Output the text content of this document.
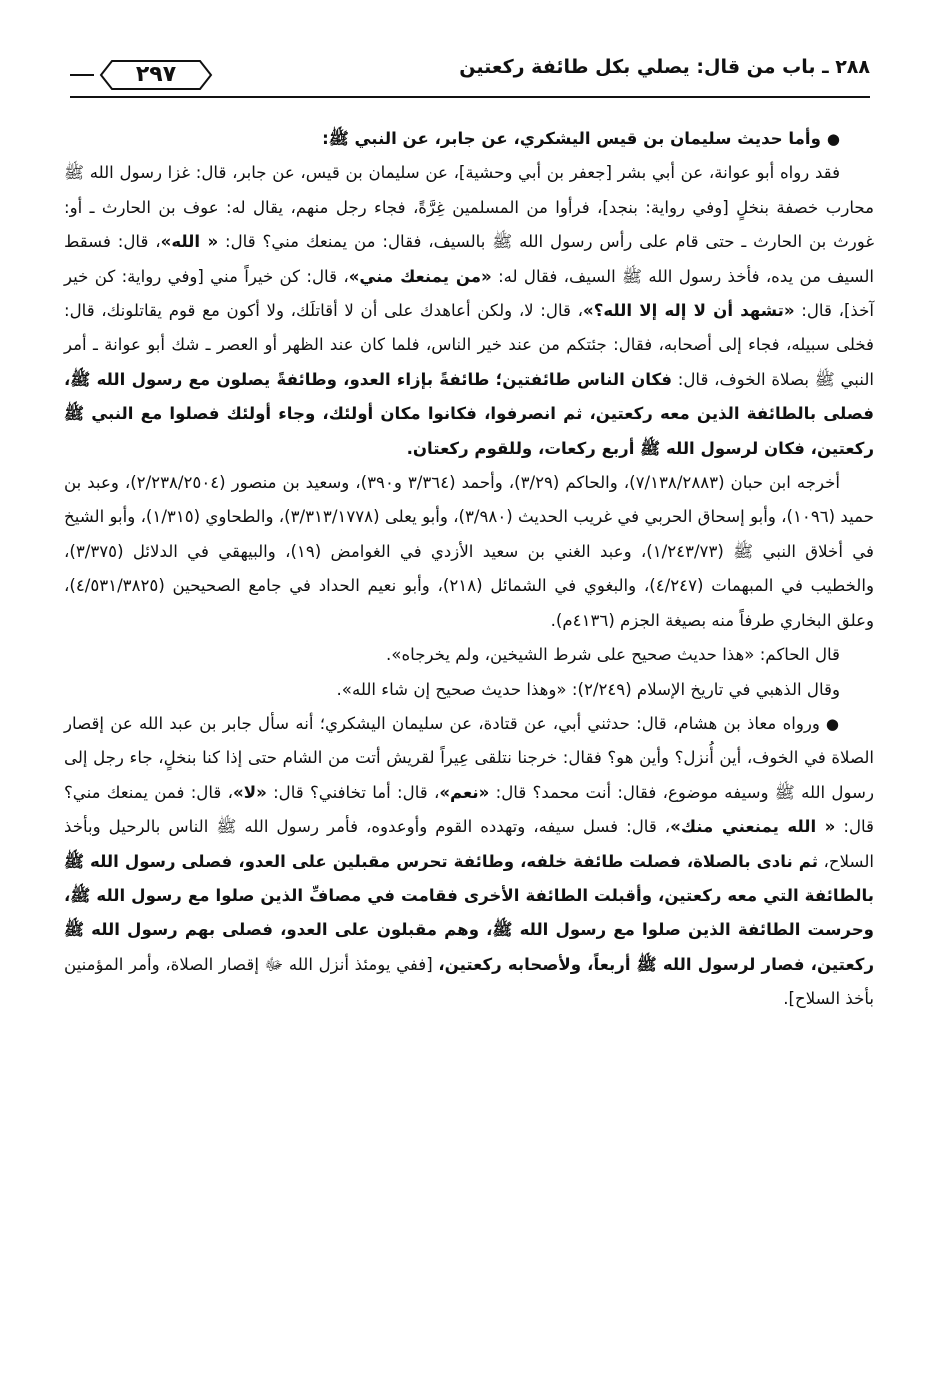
٢٩٧	٢٨٨ ـ باب من قال: يصلي بكل طائفة ركعتين

●وأما حديث سليمان بن قيس اليشكري، عن جابر، عن النبي ﷺ:

فقد رواه أبو عوانة، عن أبي بشر [جعفر بن أبي وحشية]، عن سليمان بن قيس، عن جابر، قال: غزا رسول الله ﷺ محارب خصفة بنخلٍ [وفي رواية: بنجد]، فرأوا من المسلمين غِرَّةً، فجاء رجل منهم، يقال له: عوف بن الحارث ـ أو: غورث بن الحارث ـ حتى قام على رأس رسول الله ﷺ بالسيف، فقال: من يمنعك مني؟ قال: « الله»، قال: فسقط السيف من يده، فأخذ رسول الله ﷺ السيف، فقال له: «من يمنعك مني»، قال: كن خيراً مني [وفي رواية: كن خير آخذ]، قال: «تشهد أن لا إله إلا الله؟»، قال: لا، ولكن أعاهدك على أن لا أقاتلَك، ولا أكون مع قوم يقاتلونك، قال: فخلى سبيله، فجاء إلى أصحابه، فقال: جئتكم من عند خير الناس، فلما كان عند الظهر أو العصر ـ شك أبو عوانة ـ أمر النبي ﷺ بصلاة الخوف، قال: فكان الناس طائفتين؛ طائفةً بإزاء العدو، وطائفةً يصلون مع رسول الله ﷺ، فصلى بالطائفة الذين معه ركعتين، ثم انصرفوا، فكانوا مكان أولئك، وجاء أولئك فصلوا مع النبي ﷺ ركعتين، فكان لرسول الله ﷺ أربع ركعات، وللقوم ركعتان.

أخرجه ابن حبان (٧/١٣٨/٢٨٨٣)، والحاكم (٣/٢٩)، وأحمد (٣/٣٦٤ و٣٩٠)، وسعيد بن منصور (٢/٢٣٨/٢٥٠٤)، وعبد بن حميد (١٠٩٦)، وأبو إسحاق الحربي في غريب الحديث (٣/٩٨٠)، وأبو يعلى (٣/٣١٣/١٧٧٨)، والطحاوي (١/٣١٥)، وأبو الشيخ في أخلاق النبي ﷺ (١/٢٤٣/٧٣)، وعبد الغني بن سعيد الأزدي في الغوامض (١٩)، والبيهقي في الدلائل (٣/٣٧٥)، والخطيب في المبهمات (٤/٢٤٧)، والبغوي في الشمائل (٢١٨)، وأبو نعيم الحداد في جامع الصحيحين (٤/٥٣١/٣٨٢٥)، وعلق البخاري طرفاً منه بصيغة الجزم (٤١٣٦م).

قال الحاكم: «هذا حديث صحيح على شرط الشيخين، ولم يخرجاه».

وقال الذهبي في تاريخ الإسلام (٢/٢٤٩): «وهذا حديث صحيح إن شاء الله».

●ورواه معاذ بن هشام، قال: حدثني أبي، عن قتادة، عن سليمان اليشكري؛ أنه سأل جابر بن عبد الله عن إقصار الصلاة في الخوف، أين أُنزل؟ وأين هو؟ فقال: خرجنا نتلقى عِيراً لقريش أتت من الشام حتى إذا كنا بنخلٍ، جاء رجل إلى رسول الله ﷺ وسيفه موضوع، فقال: أنت محمد؟ قال: «نعم»، قال: أما تخافني؟ قال: «لا»، قال: فمن يمنعك مني؟ قال: « الله يمنعني منك»، قال: فسل سيفه، وتهدده القوم وأوعدوه، فأمر رسول الله ﷺ الناس بالرحيل وبأخذ السلاح، ثم نادى بالصلاة، فصلت طائفة خلفه، وطائفة تحرس مقبلين على العدو، فصلى رسول الله ﷺ بالطائفة التي معه ركعتين، وأقبلت الطائفة الأخرى فقامت في مصافِّ الذين صلوا مع رسول الله ﷺ، وحرست الطائفة الذين صلوا مع رسول الله ﷺ، وهم مقبلون على العدو، فصلى بهم رسول الله ﷺ ركعتين، فصار لرسول الله ﷺ أربعاً، ولأصحابه ركعتين، [ففي يومئذ أنزل الله ﷻ إقصار الصلاة، وأمر المؤمنين بأخذ السلاح].
